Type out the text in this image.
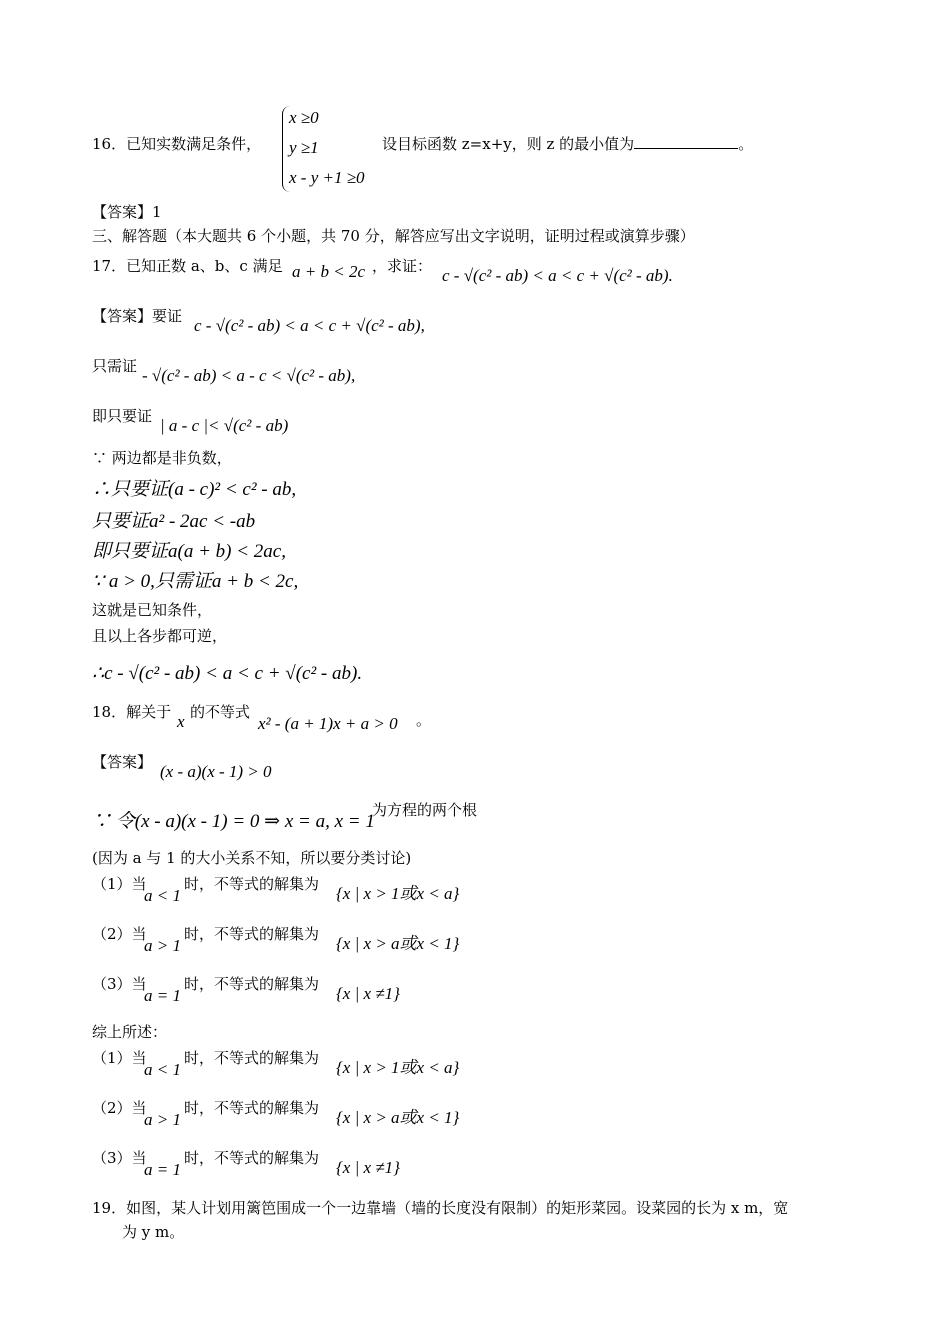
16．已知实数满足条件，
x ≥0
y ≥1
x - y +1 ≥0
设目标函数 z=x+y，则 z 的最小值为	。
【答案】1
三、解答题（本大题共 6 个小题，共 70 分，解答应写出文字说明，证明过程或演算步骤）
17．已知正数 a、b、c 满足 a + b < 2c ，求证： c - √(c² - ab) < a < c + √(c² - ab).
【答案】要证 c - √(c² - ab) < a < c + √(c² - ab),
只需证 - √(c² - ab) < a - c < √(c² - ab),
即只要证 | a - c |< √(c² - ab)
∵ 两边都是非负数，
∴只要证(a - c)² < c² - ab,
只要证a² - 2ac < -ab
即只要证a(a + b) < 2ac,
∵ a > 0,只需证a + b < 2c,
这就是已知条件，
且以上各步都可逆，
∴c - √(c² - ab) < a < c + √(c² - ab).
18．解关于 x 的不等式
x² - (a + 1)x + a > 0 。
【答案】 (x - a)(x - 1) > 0
∵ 令(x - a)(x - 1) = 0 ⇒ x = a, x = 1
为方程的两个根
(因为 a 与 1 的大小关系不知，所以要分类讨论)
（1）当
a < 1
时，不等式的解集为 {x | x > 1或x < a}
（2）当
a > 1
时，不等式的解集为 {x | x > a或x < 1}
（3）当
a = 1
时，不等式的解集为 {x | x ≠1}
综上所述：
（1）当
a < 1
时，不等式的解集为 {x | x > 1或x < a}
（2）当
a > 1
时，不等式的解集为 {x | x > a或x < 1}
（3）当
a = 1
时，不等式的解集为 {x | x ≠1}
19．如图，某人计划用篱笆围成一个一边靠墙（墙的长度没有限制）的矩形菜园。设菜园的长为 x m，宽
为 y m。
